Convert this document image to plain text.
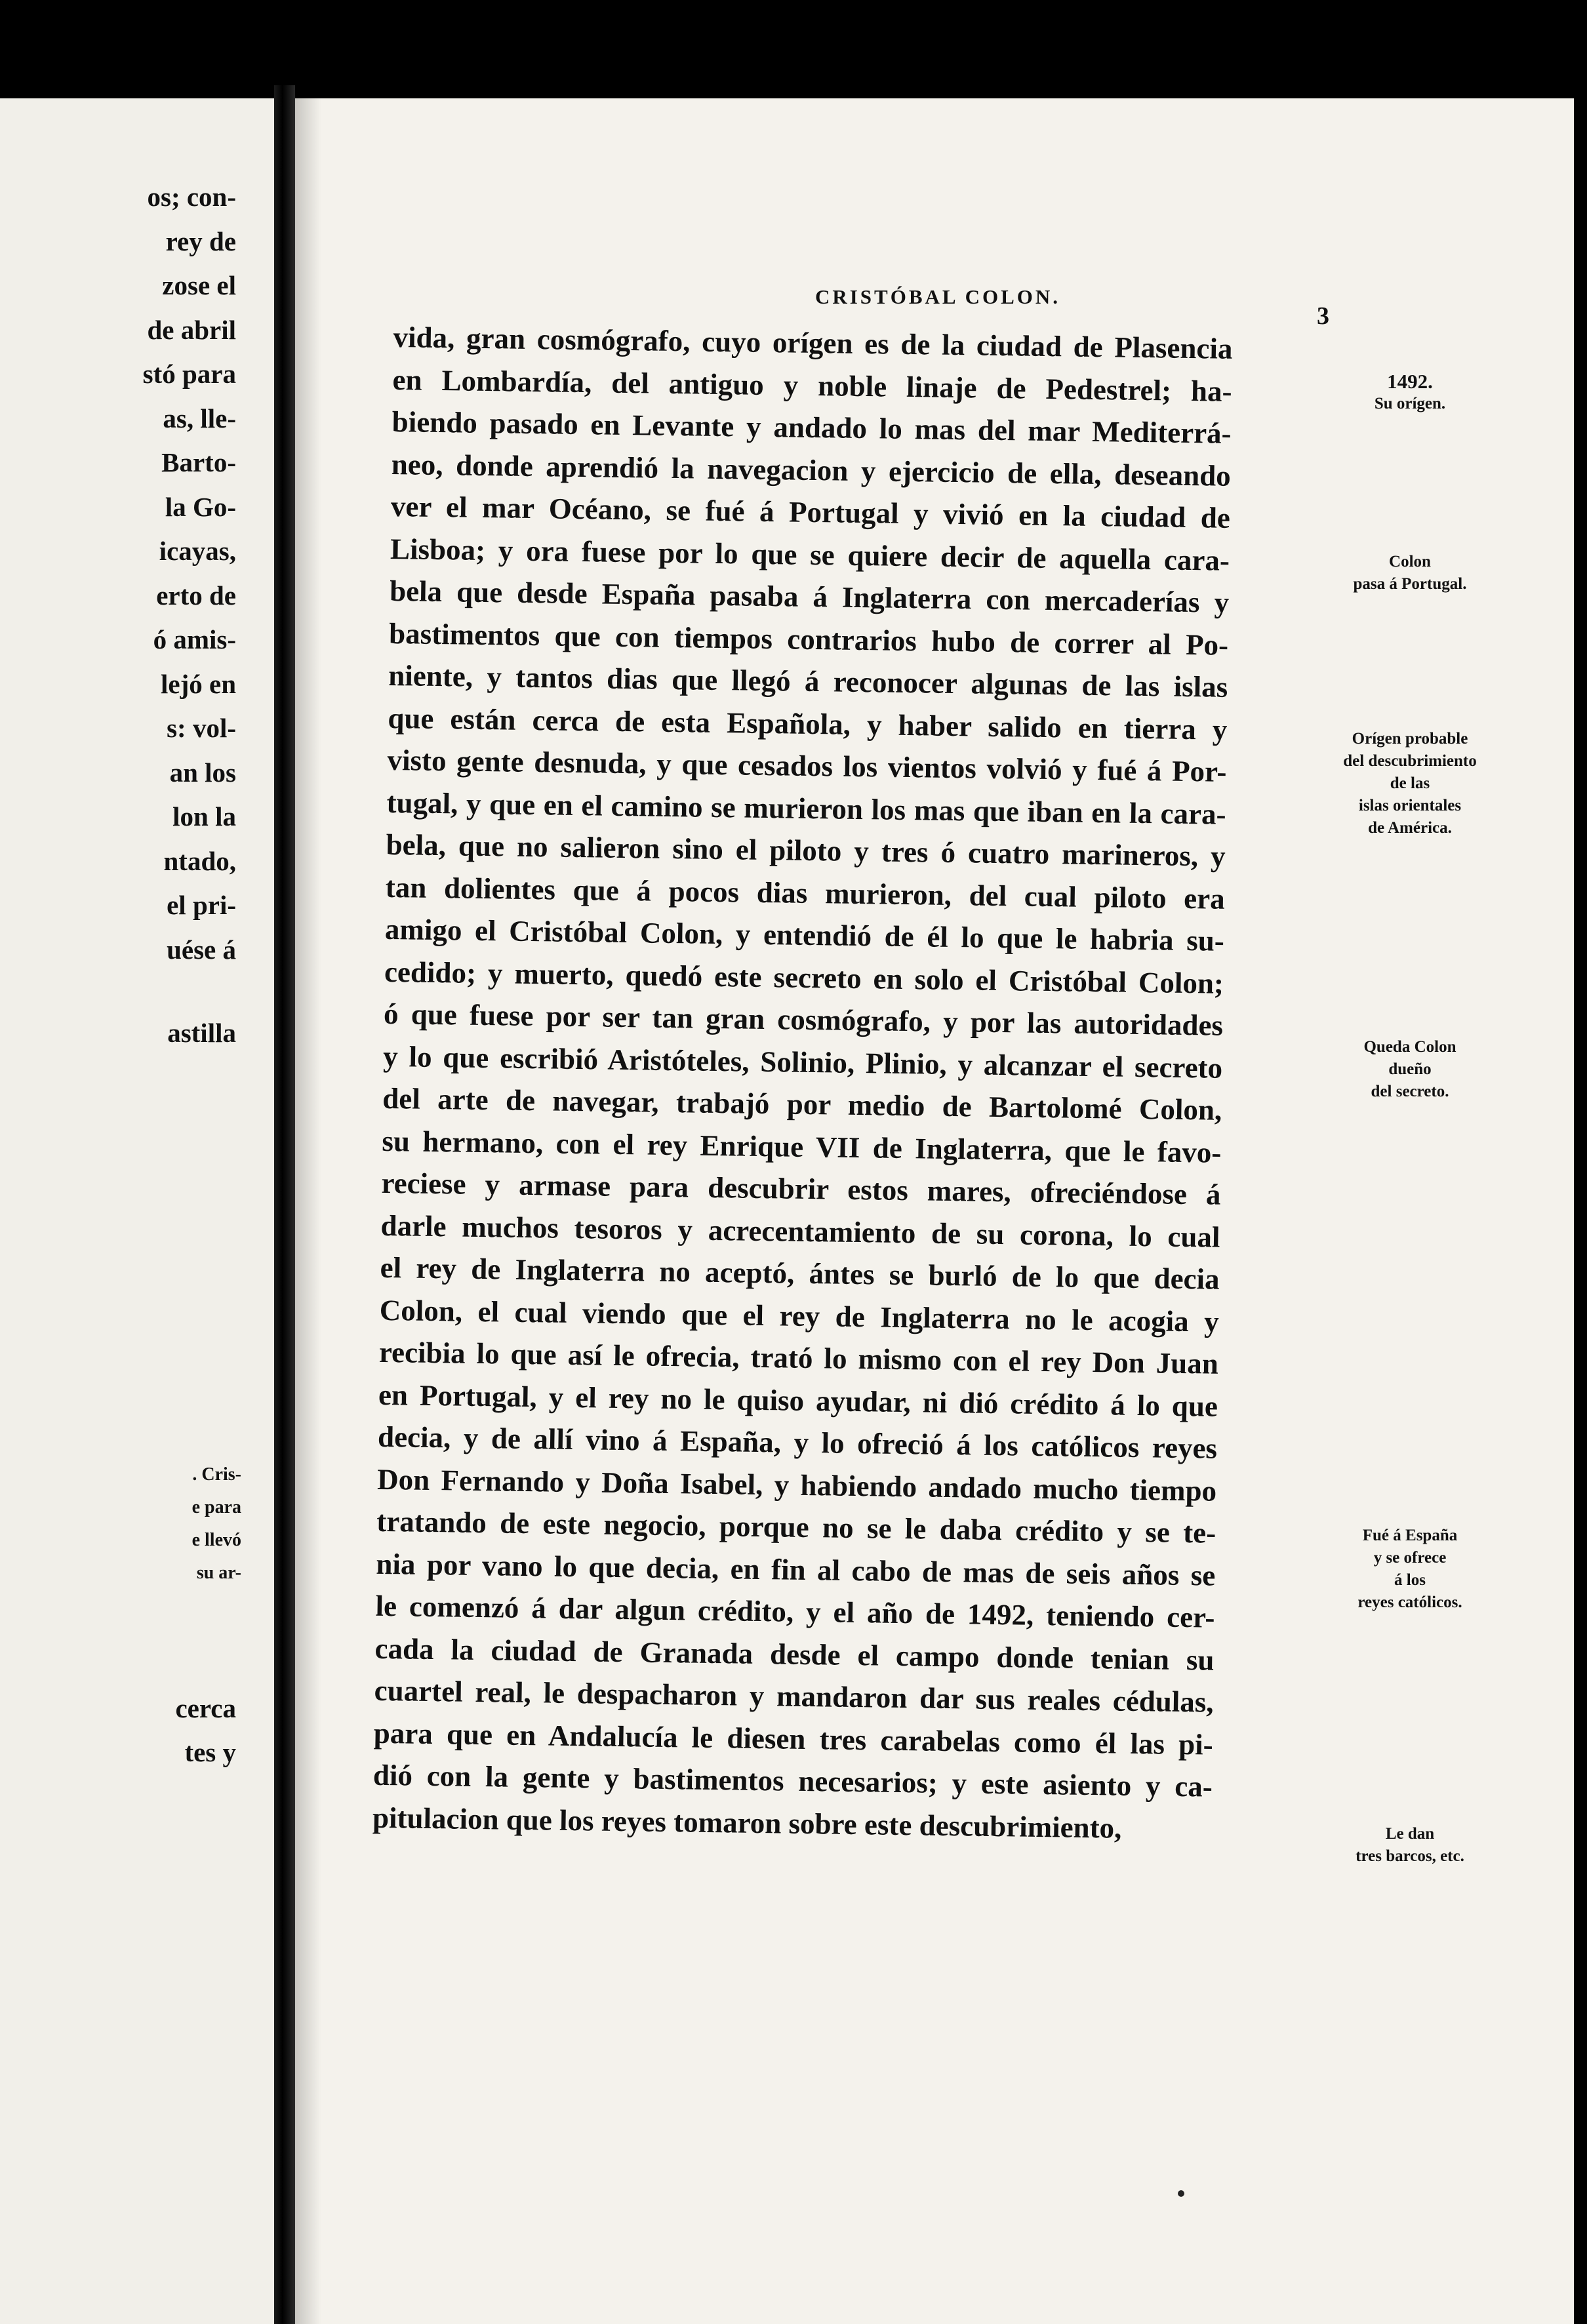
os; con-
rey de
zose el
de abril
stó para
as, lle-
Barto-
la Go-
icayas,
erto de
ó amis-
lejó en
s: vol-
an los
lon la
ntado,
el pri-
uése á
astilla
. Cris-
e para
e llevó
su ar-
cerca
tes y
CRISTÓBAL COLON.
3
vida, gran cosmógrafo, cuyo orígen es de la ciudad de Plasencia
en Lombardía, del antiguo y noble linaje de Pedestrel; ha-
biendo pasado en Levante y andado lo mas del mar Mediterrá-
neo, donde aprendió la navegacion y ejercicio de ella, deseando
ver el mar Océano, se fué á Portugal y vivió en la ciudad de
Lisboa; y ora fuese por lo que se quiere decir de aquella cara-
bela que desde España pasaba á Inglaterra con mercaderías y
bastimentos que con tiempos contrarios hubo de correr al Po-
niente, y tantos dias que llegó á reconocer algunas de las islas
que están cerca de esta Española, y haber salido en tierra y
visto gente desnuda, y que cesados los vientos volvió y fué á Por-
tugal, y que en el camino se murieron los mas que iban en la cara-
bela, que no salieron sino el piloto y tres ó cuatro marineros, y
tan dolientes que á pocos dias murieron, del cual piloto era
amigo el Cristóbal Colon, y entendió de él lo que le habria su-
cedido; y muerto, quedó este secreto en solo el Cristóbal Colon;
ó que fuese por ser tan gran cosmógrafo, y por las autoridades
y lo que escribió Aristóteles, Solinio, Plinio, y alcanzar el secreto
del arte de navegar, trabajó por medio de Bartolomé Colon,
su hermano, con el rey Enrique VII de Inglaterra, que le favo-
reciese y armase para descubrir estos mares, ofreciéndose á
darle muchos tesoros y acrecentamiento de su corona, lo cual
el rey de Inglaterra no aceptó, ántes se burló de lo que decia
Colon, el cual viendo que el rey de Inglaterra no le acogia y
recibia lo que así le ofrecia, trató lo mismo con el rey Don Juan
en Portugal, y el rey no le quiso ayudar, ni dió crédito á lo que
decia, y de allí vino á España, y lo ofreció á los católicos reyes
Don Fernando y Doña Isabel, y habiendo andado mucho tiempo
tratando de este negocio, porque no se le daba crédito y se te-
nia por vano lo que decia, en fin al cabo de mas de seis años se
le comenzó á dar algun crédito, y el año de 1492, teniendo cer-
cada la ciudad de Granada desde el campo donde tenian su
cuartel real, le despacharon y mandaron dar sus reales cédulas,
para que en Andalucía le diesen tres carabelas como él las pi-
dió con la gente y bastimentos necesarios; y este asiento y ca-
pitulacion que los reyes tomaron sobre este descubrimiento,
1492.
Su orígen.
Colon
pasa á Portugal.
Orígen probable
del descubrimiento
de las
islas orientales
de América.
Queda Colon
dueño
del secreto.
Fué á España
y se ofrece
á los
reyes católicos.
Le dan
tres barcos, etc.
